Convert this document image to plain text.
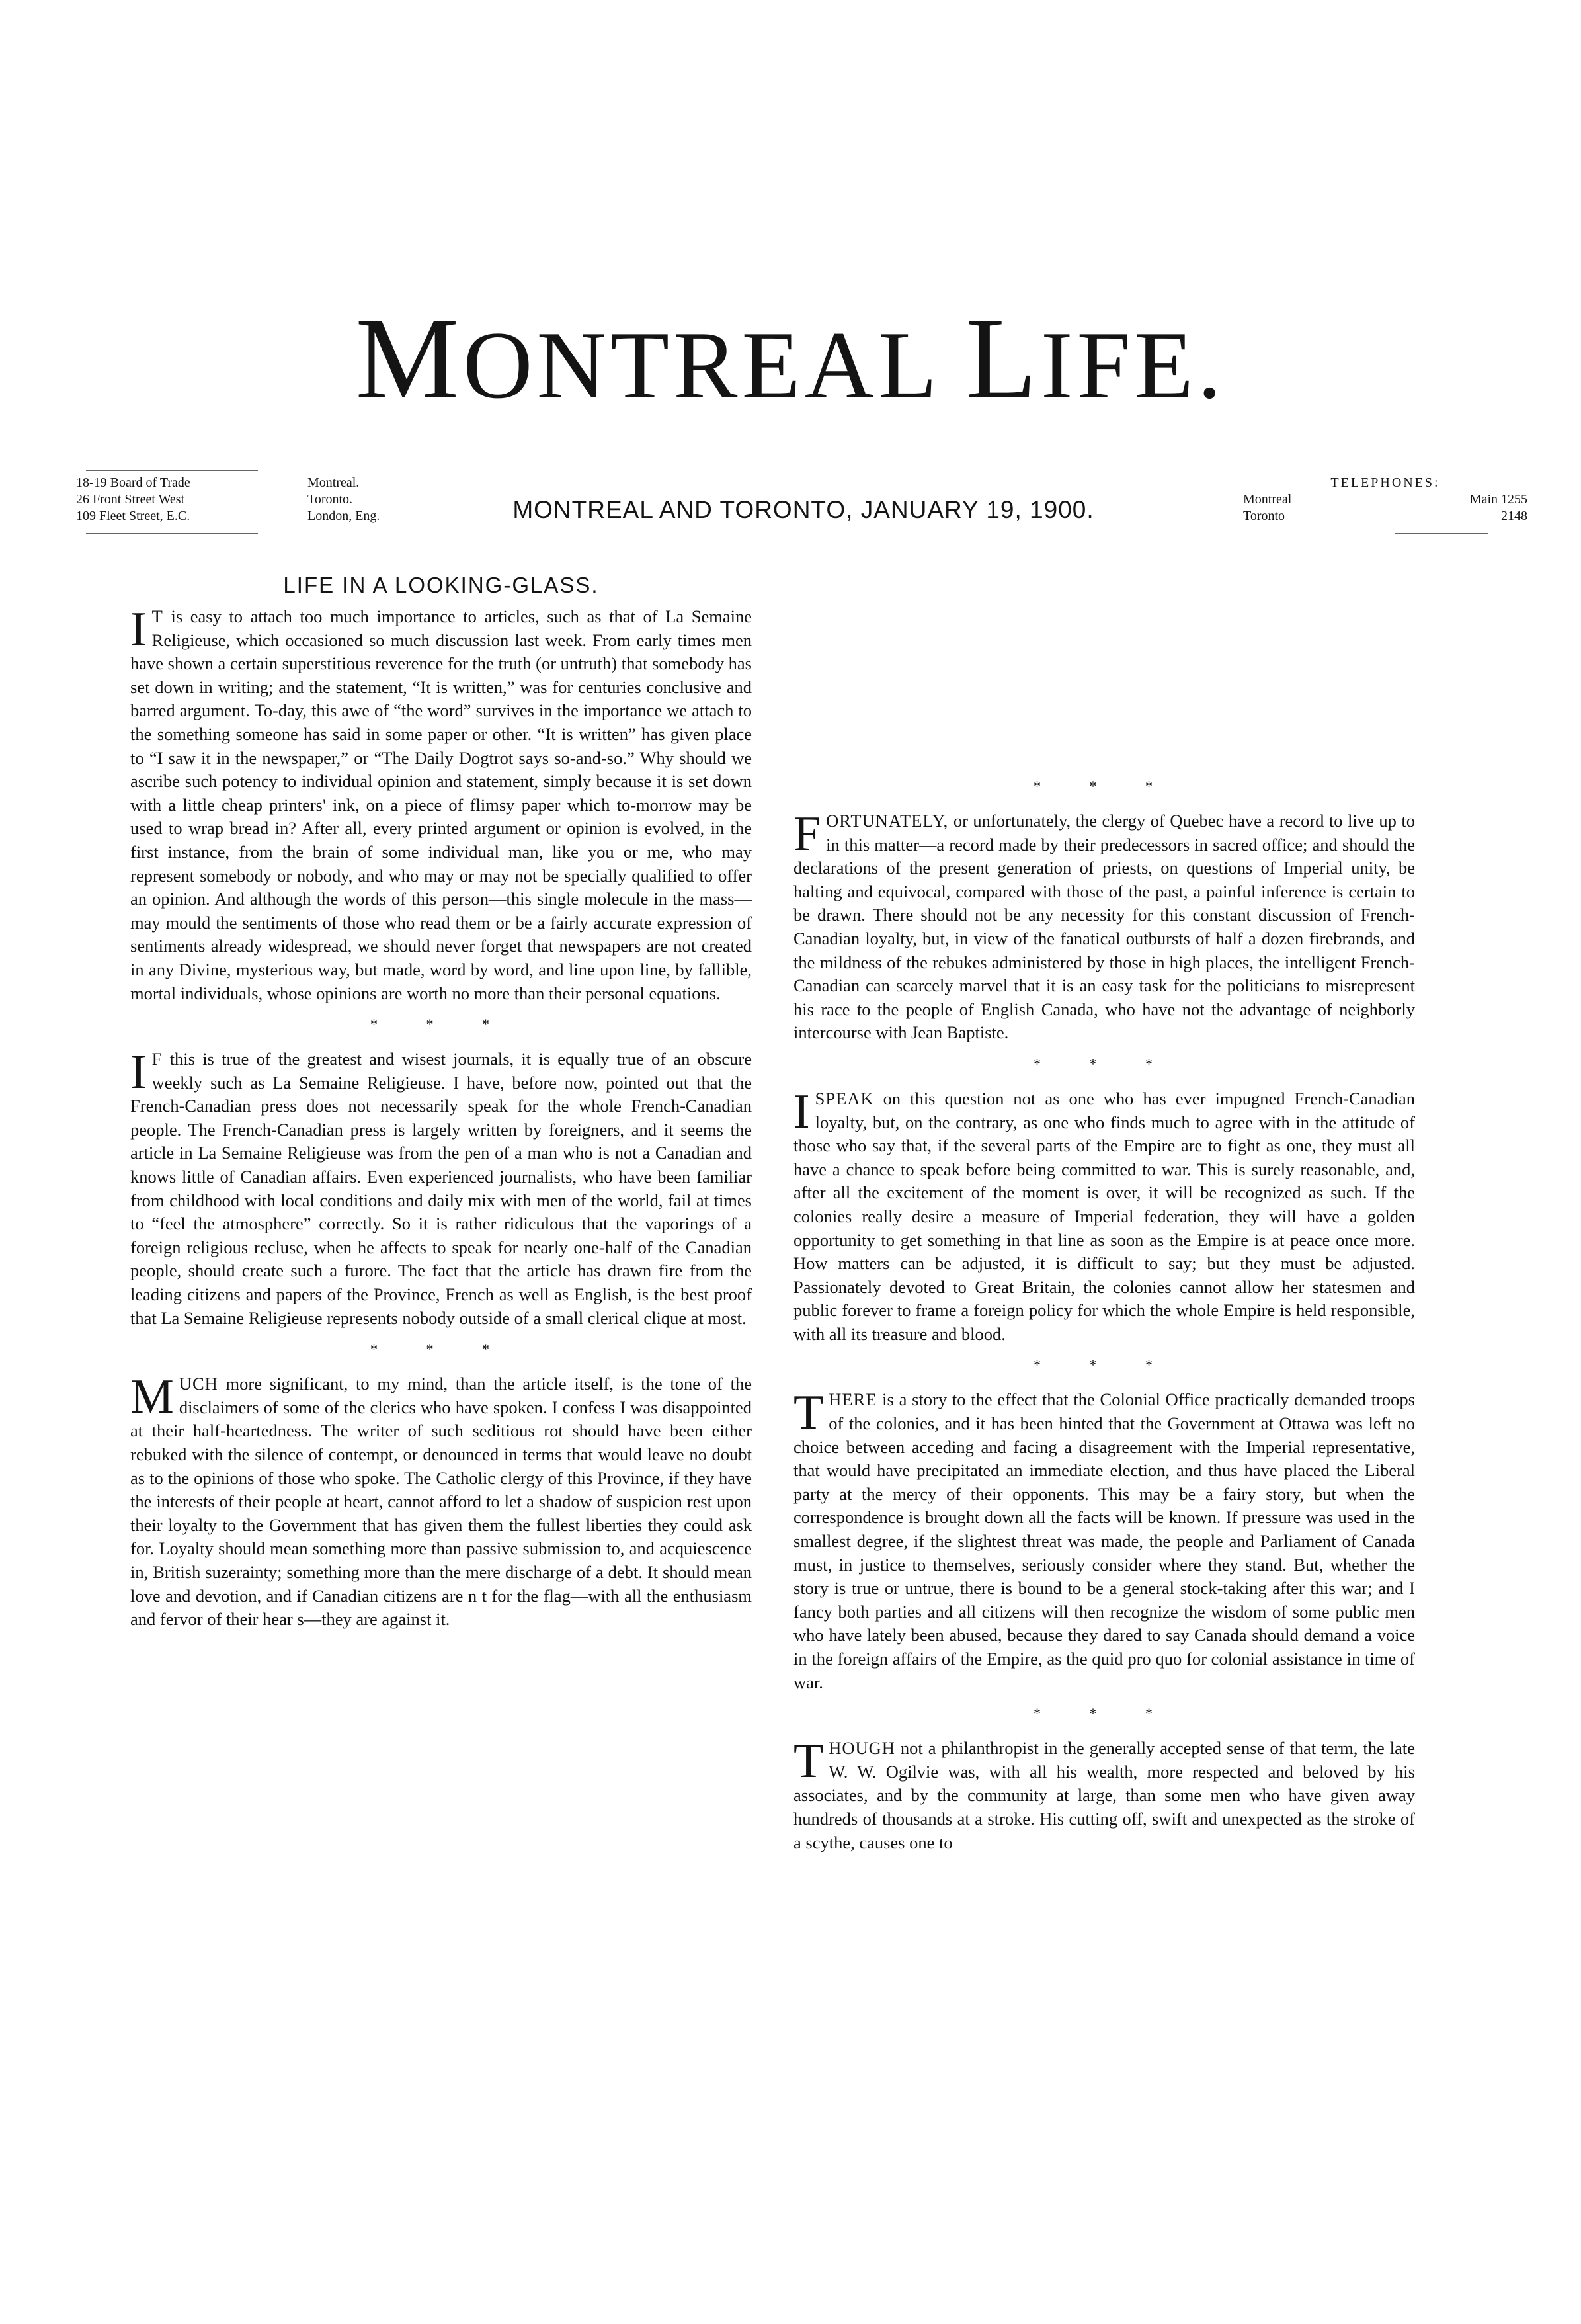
MONTREAL LIFE.
18-19 Board of Trade	Montreal.
26 Front Street West	Toronto.
109 Fleet Street, E.C.	London, Eng.	MONTREAL AND TORONTO, JANUARY 19, 1900.

TELEPHONES:
Montreal	Main 1255
Toronto	2148
LIFE IN A LOOKING-GLASS.

I T is easy to attach too much importance to articles, such as that of La Semaine Religieuse, which occasioned so much discussion last week. From early times men have shown a certain superstitious reverence for the truth (or untruth) that somebody has set down in writing; and the statement, “It is written,” was for centuries conclusive and barred argument. To-day, this awe of “the word” survives in the importance we attach to the something someone has said in some paper or other. “It is written” has given place to “I saw it in the newspaper,” or “The Daily Dogtrot says so-and-so.” Why should we ascribe such potency to individual opinion and statement, simply because it is set down with a little cheap printers' ink, on a piece of flimsy paper which to-morrow may be used to wrap bread in? After all, every printed argument or opinion is evolved, in the first instance, from the brain of some individual man, like you or me, who may represent somebody or nobody, and who may or may not be specially qualified to offer an opinion. And although the words of this person—this single molecule in the mass—may mould the sentiments of those who read them or be a fairly accurate expression of sentiments already widespread, we should never forget that newspapers are not created in any Divine, mysterious way, but made, word by word, and line upon line, by fallible, mortal individuals, whose opinions are worth no more than their personal equations.

* * *

I F this is true of the greatest and wisest journals, it is equally true of an obscure weekly such as La Semaine Religieuse. I have, before now, pointed out that the French-Canadian press does not necessarily speak for the whole French-Canadian people. The French-Canadian press is largely written by foreigners, and it seems the article in La Semaine Religieuse was from the pen of a man who is not a Canadian and knows little of Canadian affairs. Even experienced journalists, who have been familiar from childhood with local conditions and daily mix with men of the world, fail at times to “feel the atmosphere” correctly. So it is rather ridiculous that the vaporings of a foreign religious recluse, when he affects to speak for nearly one-half of the Canadian people, should create such a furore. The fact that the article has drawn fire from the leading citizens and papers of the Province, French as well as English, is the best proof that La Semaine Religieuse represents nobody outside of a small clerical clique at most.

* * *

MUCH more significant, to my mind, than the article itself, is the tone of the disclaimers of some of the clerics who have spoken. I confess I was disappointed at their half-heartedness. The writer of such seditious rot should have been either rebuked with the silence of contempt, or denounced in terms that would leave no doubt as to the opinions of those who spoke. The Catholic clergy of this Province, if they have the interests of their people at heart, cannot afford to let a shadow of suspicion rest upon their loyalty to the Government that has given them the fullest liberties they could ask for. Loyalty should mean something more than passive submission to, and acquiescence in, British suzerainty; something more than the mere discharge of a debt. It should mean love and devotion, and if Canadian citizens are n t for the flag—with all the enthusiasm and fervor of their hear s—they are against it.

* * *

FORTUNATELY, or unfortunately, the clergy of Quebec have a record to live up to in this matter—a record made by their predecessors in sacred office; and should the declarations of the present generation of priests, on questions of Imperial unity, be halting and equivocal, compared with those of the past, a painful inference is certain to be drawn. There should not be any necessity for this constant discussion of French-Canadian loyalty, but, in view of the fanatical outbursts of half a dozen firebrands, and the mildness of the rebukes administered by those in high places, the intelligent French-Canadian can scarcely marvel that it is an easy task for the politicians to misrepresent his race to the people of English Canada, who have not the advantage of neighborly intercourse with Jean Baptiste.

* * *

I SPEAK on this question not as one who has ever impugned French-Canadian loyalty, but, on the contrary, as one who finds much to agree with in the attitude of those who say that, if the several parts of the Empire are to fight as one, they must all have a chance to speak before being committed to war. This is surely reasonable, and, after all the excitement of the moment is over, it will be recognized as such. If the colonies really desire a measure of Imperial federation, they will have a golden opportunity to get something in that line as soon as the Empire is at peace once more. How matters can be adjusted, it is difficult to say; but they must be adjusted. Passionately devoted to Great Britain, the colonies cannot allow her statesmen and public forever to frame a foreign policy for which the whole Empire is held responsible, with all its treasure and blood.

* * *

THERE is a story to the effect that the Colonial Office practically demanded troops of the colonies, and it has been hinted that the Government at Ottawa was left no choice between acceding and facing a disagreement with the Imperial representative, that would have precipitated an immediate election, and thus have placed the Liberal party at the mercy of their opponents. This may be a fairy story, but when the correspondence is brought down all the facts will be known. If pressure was used in the smallest degree, if the slightest threat was made, the people and Parliament of Canada must, in justice to themselves, seriously consider where they stand. But, whether the story is true or untrue, there is bound to be a general stock-taking after this war; and I fancy both parties and all citizens will then recognize the wisdom of some public men who have lately been abused, because they dared to say Canada should demand a voice in the foreign affairs of the Empire, as the quid pro quo for colonial assistance in time of war.

* * *

THOUGH not a philanthropist in the generally accepted sense of that term, the late W. W. Ogilvie was, with all his wealth, more respected and beloved by his associates, and by the community at large, than some men who have given away hundreds of thousands at a stroke. His cutting off, swift and unexpected as the stroke of a scythe, causes one to
